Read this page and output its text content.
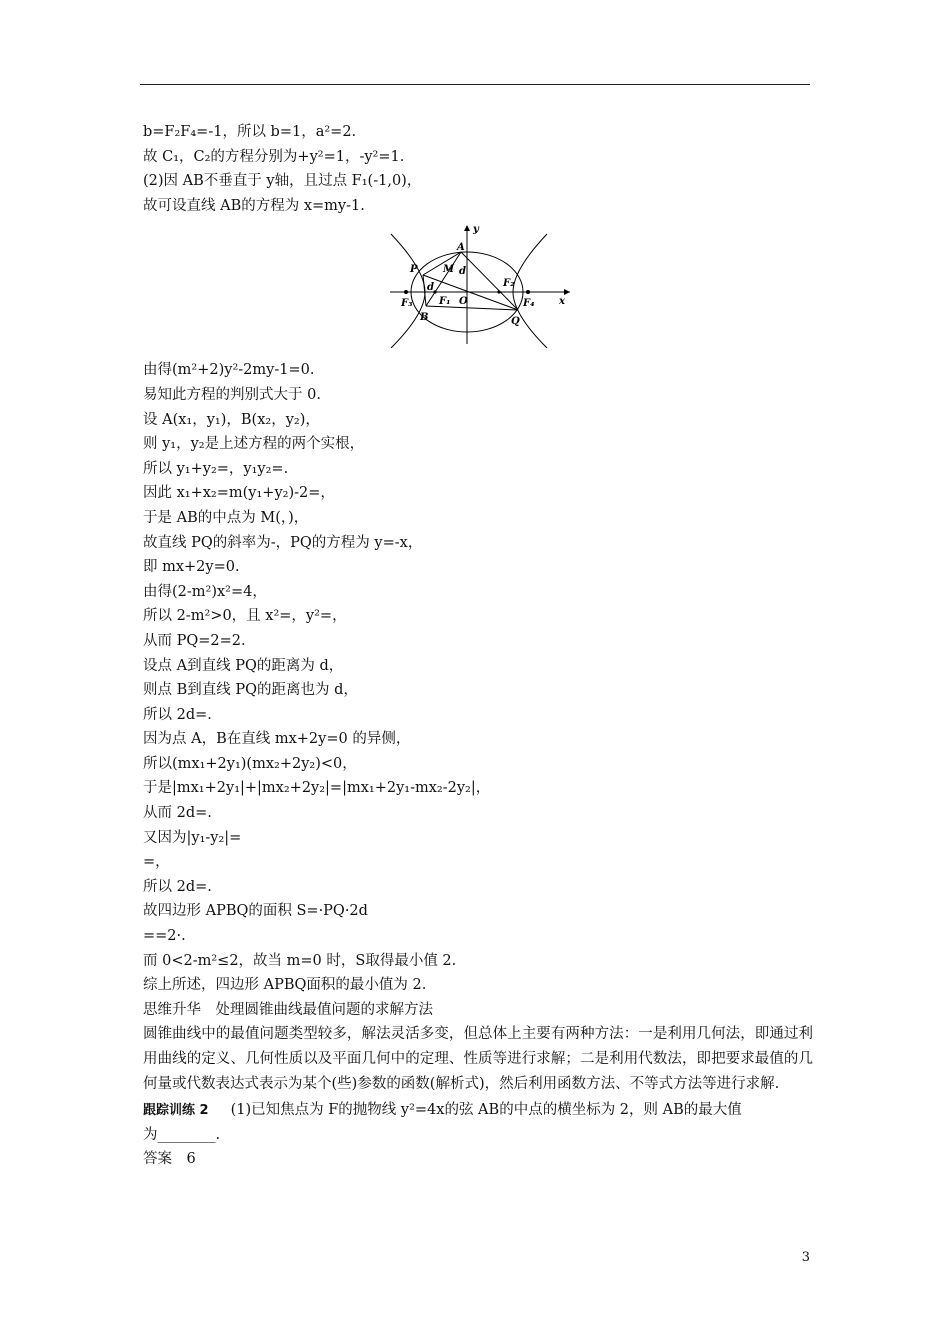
b=F₂F₄=-1，所以 b=1，a²=2.
故 C₁，C₂的方程分别为+y²=1，-y²=1.
(2)因 AB不垂直于 y轴，且过点 F₁(-1,0)，
故可设直线 AB的方程为 x=my-1.
y
P
A
M d
d	F₂
F₃	F₁ O	F₄ x
B	Q
由得(m²+2)y²-2my-1=0.
易知此方程的判别式大于 0.
设 A(x₁，y₁)，B(x₂，y₂)，
则 y₁，y₂是上述方程的两个实根，
所以 y₁+y₂=，y₁y₂=.
因此 x₁+x₂=m(y₁+y₂)-2=，
于是 AB的中点为 M(，)，
故直线 PQ的斜率为-，PQ的方程为 y=-x，
即 mx+2y=0.
由得(2-m²)x²=4，
所以 2-m²>0，且 x²=，y²=，
从而 PQ=2=2.
设点 A到直线 PQ的距离为 d，
则点 B到直线 PQ的距离也为 d，
所以 2d=.
因为点 A，B在直线 mx+2y=0 的异侧，
所以(mx₁+2y₁)(mx₂+2y₂)<0，
于是|mx₁+2y₁|+|mx₂+2y₂|=|mx₁+2y₁-mx₂-2y₂|，
从而 2d=.
又因为|y₁-y₂|=
=，
所以 2d=.
故四边形 APBQ的面积 S=·PQ·2d
==2·.
而 0<2-m²≤2，故当 m=0 时，S取得最小值 2.
综上所述，四边形 APBQ面积的最小值为 2.
思维升华　处理圆锥曲线最值问题的求解方法
圆锥曲线中的最值问题类型较多，解法灵活多变，但总体上主要有两种方法：一是利用几何法，即通过利用曲线的定义、几何性质以及平面几何中的定理、性质等进行求解；二是利用代数法，即把要求最值的几何量或代数表达式表示为某个(些)参数的函数(解析式)，然后利用函数方法、不等式方法等进行求解.
跟踪训练 2 (1)已知焦点为 F的抛物线 y²=4x的弦 AB的中点的横坐标为 2，则 AB的最大值
为________.
答案　6
3
